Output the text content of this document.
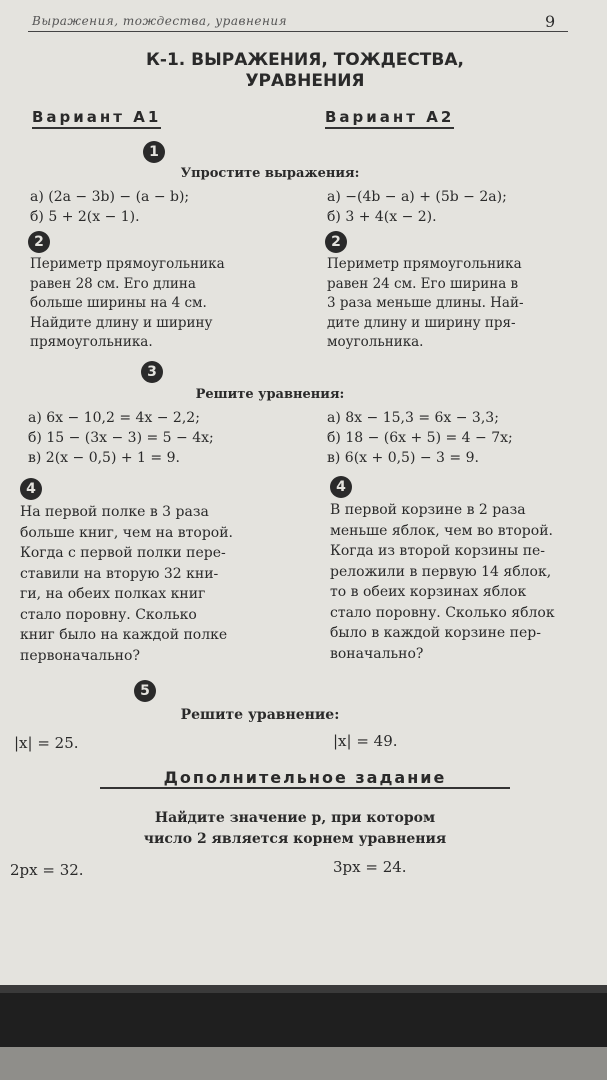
Выражения, тождества, уравнения	9
К-1. ВЫРАЖЕНИЯ, ТОЖДЕСТВА,
УРАВНЕНИЯ
Вариант А1	Вариант А2
1
Упростите выражения:
а) (2a − 3b) − (a − b);
б) 5 + 2(x − 1).
а) −(4b − a) + (5b − 2a);
б) 3 + 4(x − 2).
2	2
Периметр прямоугольника
равен 28 см. Его длина
больше ширины на 4 см.
Найдите длину и ширину
прямоугольника.
Периметр прямоугольника
равен 24 см. Его ширина в
3 раза меньше длины. Най-
дите длину и ширину пря-
моугольника.
3
Решите уравнения:
а) 6x − 10,2 = 4x − 2,2;
б) 15 − (3x − 3) = 5 − 4x;
в) 2(x − 0,5) + 1 = 9.
а) 8x − 15,3 = 6x − 3,3;
б) 18 − (6x + 5) = 4 − 7x;
в) 6(x + 0,5) − 3 = 9.
4	4
На первой полке в 3 раза
больше книг, чем на второй.
Когда с первой полки пере-
ставили на вторую 32 кни-
ги, на обеих полках книг
стало поровну. Сколько
книг было на каждой полке
первоначально?
В первой корзине в 2 раза
меньше яблок, чем во второй.
Когда из второй корзины пе-
реложили в первую 14 яблок,
то в обеих корзинах яблок
стало поровну. Сколько яблок
было в каждой корзине пер-
воначально?
5
Решите уравнение:
|x| = 25.	|x| = 49.
Дополнительное задание
Найдите значение p, при котором
число 2 является корнем уравнения
2px = 32.	3px = 24.
